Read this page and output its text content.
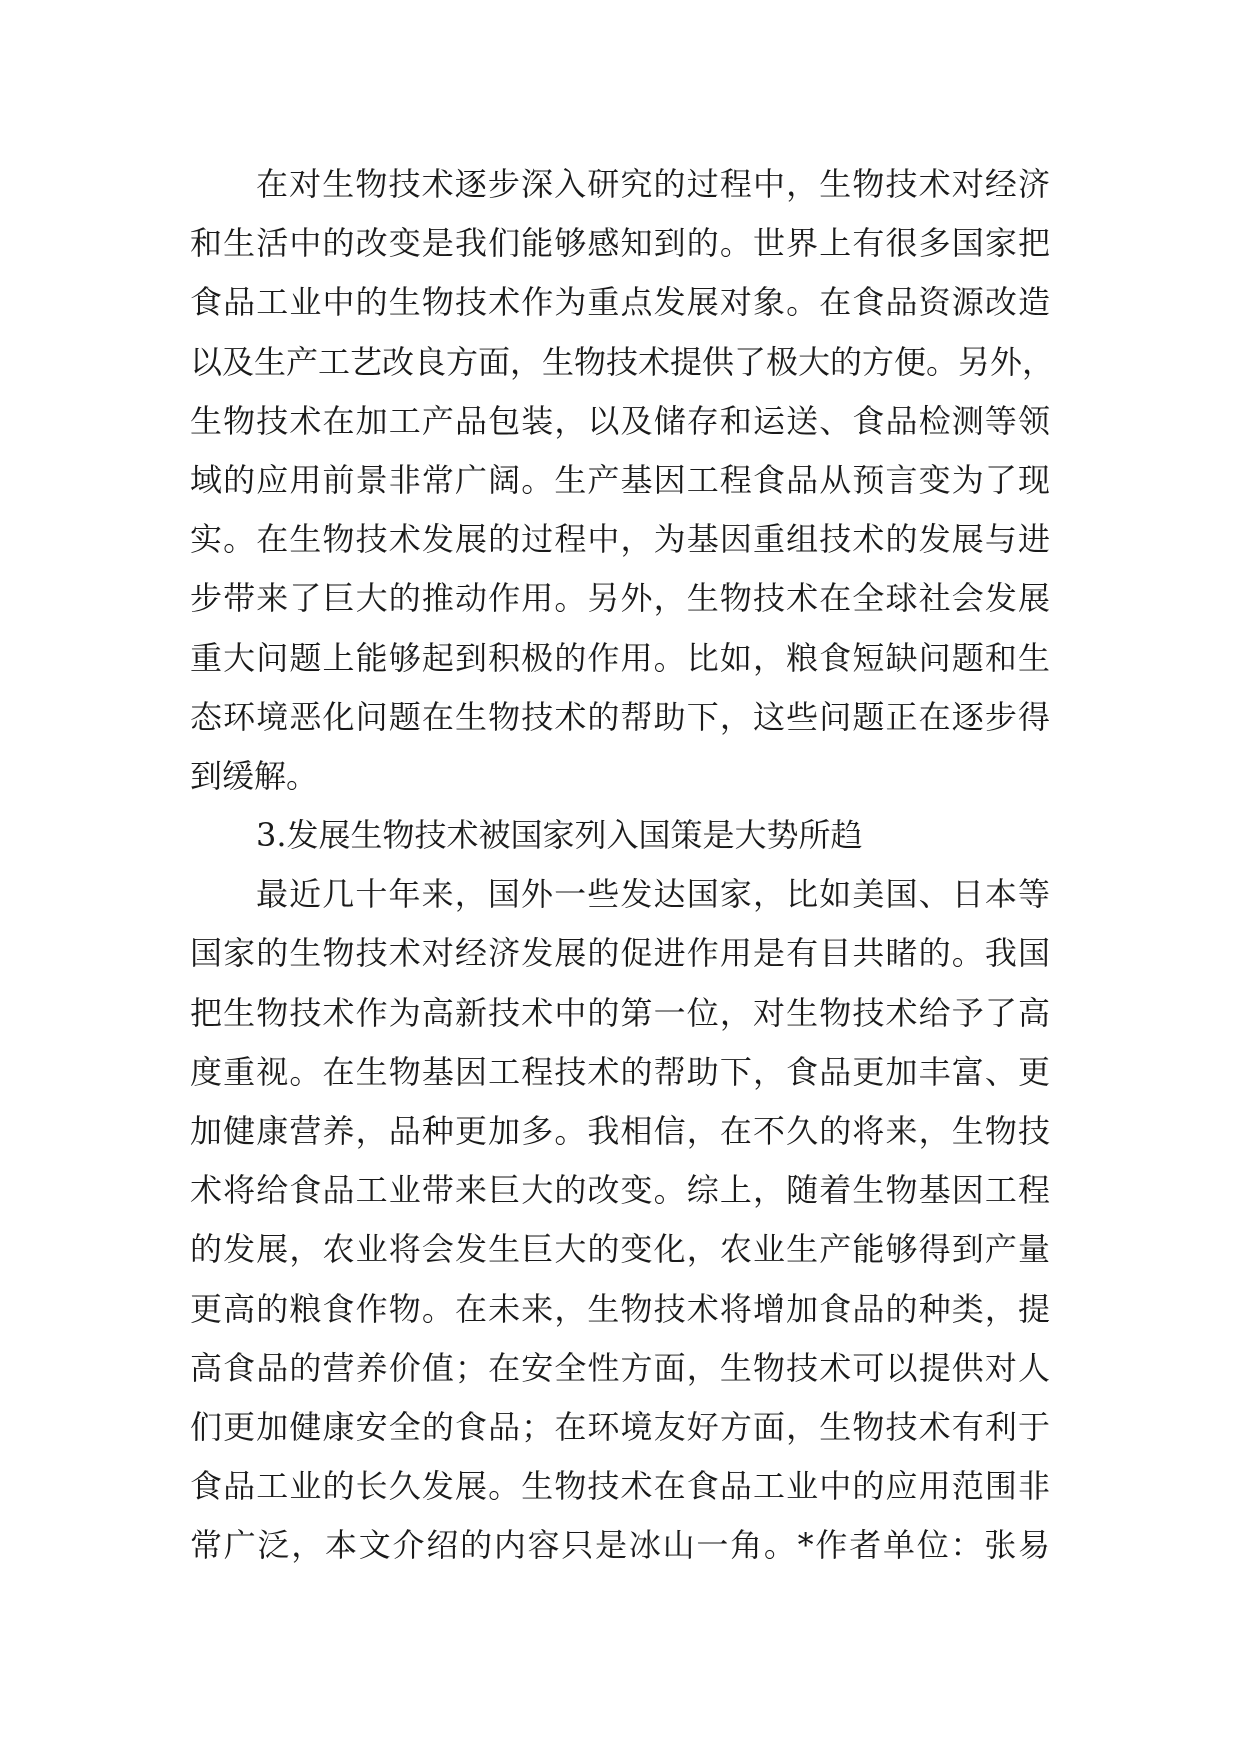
在对生物技术逐步深入研究的过程中，生物技术对经济
和生活中的改变是我们能够感知到的。世界上有很多国家把
食品工业中的生物技术作为重点发展对象。在食品资源改造
以及生产工艺改良方面，生物技术提供了极大的方便。另外，
生物技术在加工产品包装，以及储存和运送、食品检测等领
域的应用前景非常广阔。生产基因工程食品从预言变为了现
实。在生物技术发展的过程中，为基因重组技术的发展与进
步带来了巨大的推动作用。另外，生物技术在全球社会发展
重大问题上能够起到积极的作用。比如，粮食短缺问题和生
态环境恶化问题在生物技术的帮助下，这些问题正在逐步得
到缓解。
3.发展生物技术被国家列入国策是大势所趋
最近几十年来，国外一些发达国家，比如美国、日本等
国家的生物技术对经济发展的促进作用是有目共睹的。我国
把生物技术作为高新技术中的第一位，对生物技术给予了高
度重视。在生物基因工程技术的帮助下，食品更加丰富、更
加健康营养，品种更加多。我相信，在不久的将来，生物技
术将给食品工业带来巨大的改变。综上，随着生物基因工程
的发展，农业将会发生巨大的变化，农业生产能够得到产量
更高的粮食作物。在未来，生物技术将增加食品的种类，提
高食品的营养价值；在安全性方面，生物技术可以提供对人
们更加健康安全的食品；在环境友好方面，生物技术有利于
食品工业的长久发展。生物技术在食品工业中的应用范围非
常广泛，本文介绍的内容只是冰山一角。*作者单位：张易
